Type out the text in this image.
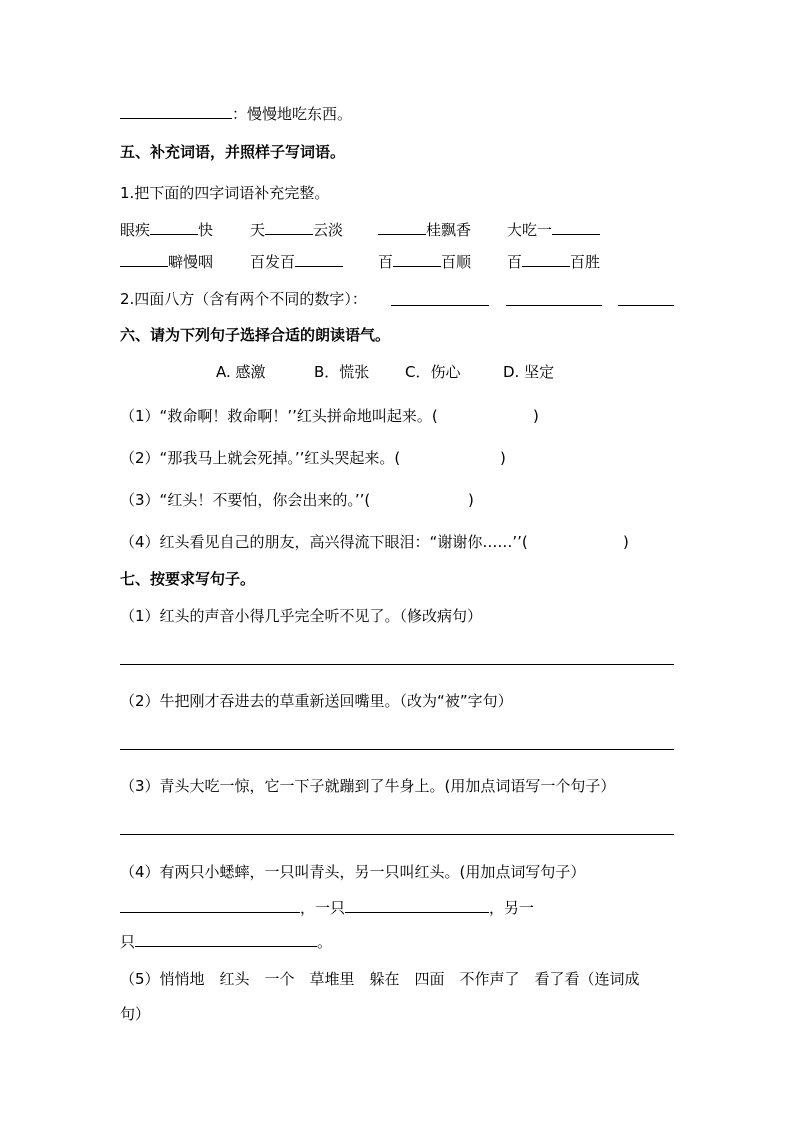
：慢慢地吃东西。
五、补充词语，并照样子写词语。
1.把下面的四字词语补充完整。
眼疾	快 天	云淡	桂飘香 大吃一
噼慢咽 百发百	百	百顺 百	百胜
2.四面八方（含有两个不同的数字）：
六、请为下列句子选择合适的朗读语气。
A. 感激	B．慌张 C．伤心	D. 坚定
（1）“救命啊！救命啊！’’红头拼命地叫起来。(	)
（2）“那我马上就会死掉。’’红头哭起来。(	)
（3）“红头！不要怕，你会出来的。’’(	)
（4）红头看见自己的朋友，高兴得流下眼泪：“谢谢你……’’(	)
七、按要求写句子。
（1）红头的声音小得几乎完全听不见了。（修改病句）
（2）牛把刚才吞进去的草重新送回嘴里。（改为“被”字句）
（3）青头大吃一惊，它一下子就蹦到了牛身上。(用加点词语写一个句子）
（4）有两只小蟋蟀，一只叫青头，另一只叫红头。(用加点词写句子）
，一只	，另一
只	。
（5）悄悄地　红头　一个　草堆里　躲在　四面　不作声了　看了看（连词成
句）
